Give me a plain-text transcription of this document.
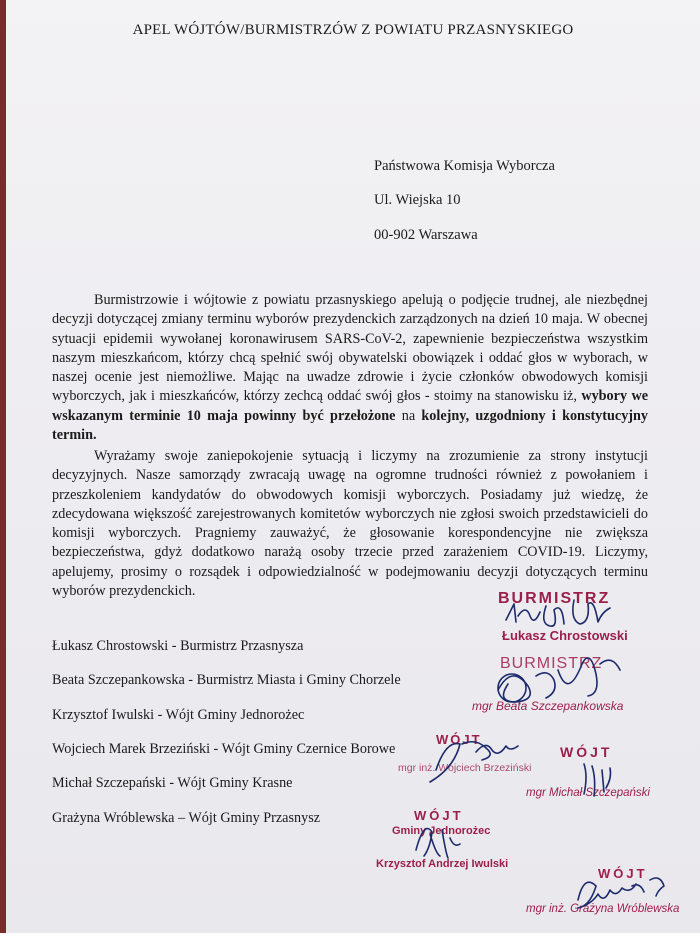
APEL WÓJTÓW/BURMISTRZÓW Z POWIATU PRZASNYSKIEGO
Państwowa Komisja Wyborcza
Ul. Wiejska 10
00-902 Warszawa
Burmistrzowie i wójtowie z powiatu przasnyskiego apelują o podjęcie trudnej, ale niezbędnej decyzji dotyczącej zmiany terminu wyborów prezydenckich zarządzonych na dzień 10 maja. W obecnej sytuacji epidemii wywołanej koronawirusem SARS-CoV-2, zapewnienie bezpieczeństwa wszystkim naszym mieszkańcom, którzy chcą spełnić swój obywatelski obowiązek i oddać głos w wyborach, w naszej ocenie jest niemożliwe. Mając na uwadze zdrowie i życie członków obwodowych komisji wyborczych, jak i mieszkańców, którzy zechcą oddać swój głos - stoimy na stanowisku iż, wybory we wskazanym terminie 10 maja powinny być przełożone na kolejny, uzgodniony i konstytucyjny termin.
Wyrażamy swoje zaniepokojenie sytuacją i liczymy na zrozumienie za strony instytucji decyzyjnych. Nasze samorządy zwracają uwagę na ogromne trudności również z powołaniem i przeszkoleniem kandydatów do obwodowych komisji wyborczych. Posiadamy już wiedzę, że zdecydowana większość zarejestrowanych komitetów wyborczych nie zgłosi swoich przedstawicieli do komisji wyborczych. Pragniemy zauważyć, że głosowanie korespondencyjne nie zwiększa bezpieczeństwa, gdyż dodatkowo narażą osoby trzecie przed zarażeniem COVID-19. Liczymy, apelujemy, prosimy o rozsądek i odpowiedzialność w podejmowaniu decyzji dotyczących terminu wyborów prezydenckich.
Łukasz Chrostowski - Burmistrz Przasnysza
Beata Szczepankowska - Burmistrz Miasta i Gminy Chorzele
Krzysztof Iwulski - Wójt Gminy Jednorożec
Wojciech Marek Brzeziński - Wójt Gminy Czernice Borowe
Michał Szczepański - Wójt Gminy Krasne
Grażyna Wróblewska – Wójt Gminy Przasnysz
BURMISTRZ
Łukasz Chrostowski
BURMISTRZ
mgr Beata Szczepankowska
WÓJT
mgr inż. Wojciech Brzeziński
WÓJT
mgr Michał Szczepański
WÓJT
Gminy Jednorożec
Krzysztof Andrzej Iwulski
WÓJT
mgr inż. Grażyna Wróblewska
